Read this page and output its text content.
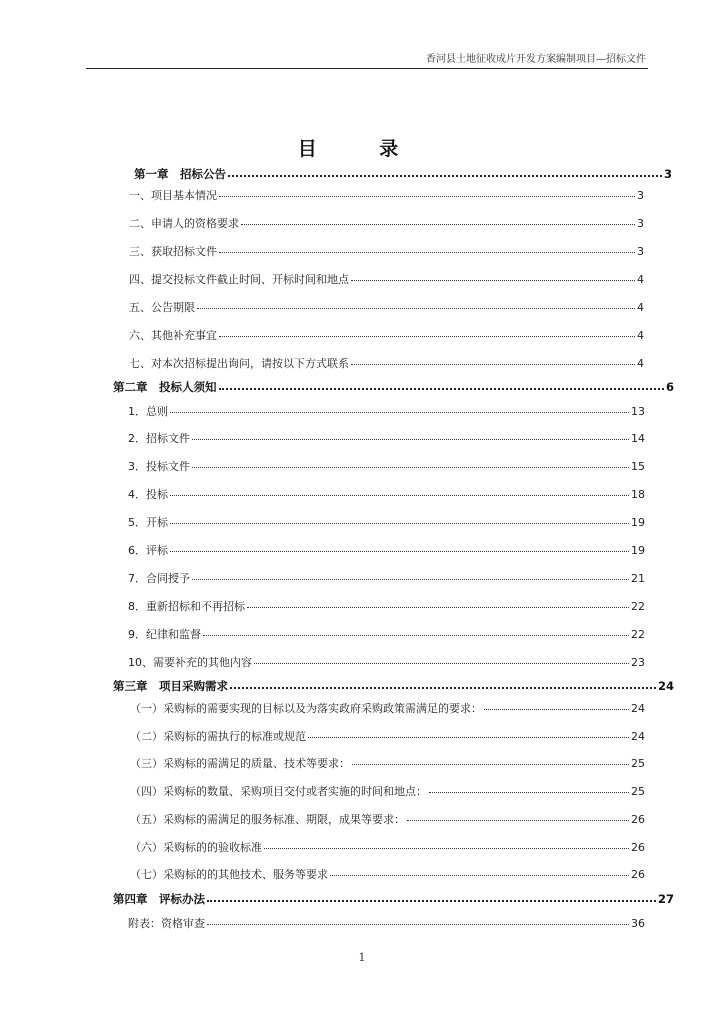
香河县土地征收成片开发方案编制项目—招标文件
目 录
第一章　招标公告	3
一、项目基本情况	3
二、申请人的资格要求	3
三、获取招标文件	3
四、提交投标文件截止时间、开标时间和地点	4
五、公告期限	4
六、其他补充事宜	4
七、对本次招标提出询问，请按以下方式联系	4
第二章　投标人须知	6
1．总则	13
2．招标文件	14
3．投标文件	15
4．投标	18
5．开标	19
6．评标	19
7．合同授予	21
8．重新招标和不再招标	22
9．纪律和监督	22
10、需要补充的其他内容	23
第三章　项目采购需求	24
（一）采购标的需要实现的目标以及为落实政府采购政策需满足的要求：	24
（二）采购标的需执行的标准或规范	24
（三）采购标的需满足的质量、技术等要求：	25
（四）采购标的数量、采购项目交付或者实施的时间和地点：	25
（五）采购标的需满足的服务标准、期限，成果等要求：	26
（六）采购标的的验收标准	26
（七）采购标的的其他技术、服务等要求	26
第四章　评标办法	27
附表：资格审查	36
1
